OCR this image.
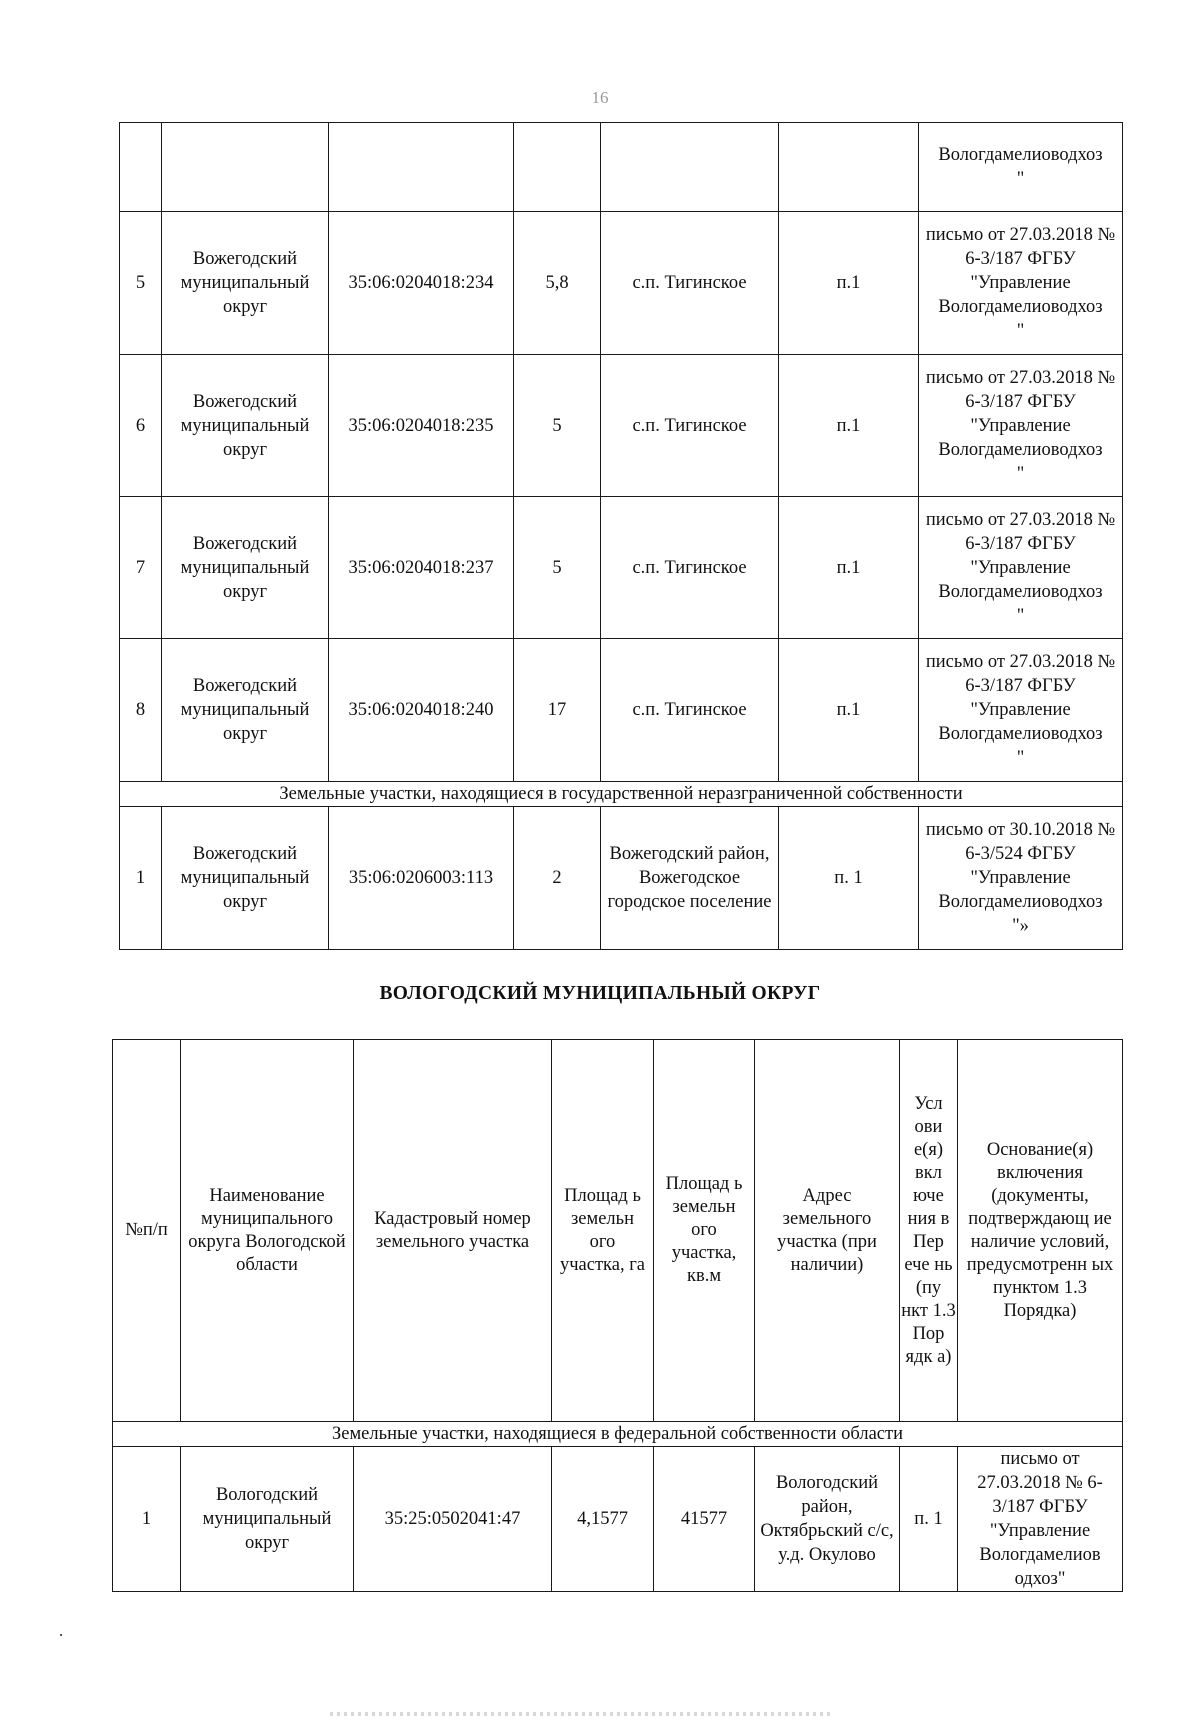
16
						Вологдамелиоводхоз
"
5	Вожегодский муниципальный округ	35:06:0204018:234	5,8	с.п. Тигинское	п.1	письмо от 27.03.2018 № 6-3/187 ФГБУ "Управление Вологдамелиоводхоз
"
6	Вожегодский муниципальный округ	35:06:0204018:235	5	с.п. Тигинское	п.1	письмо от 27.03.2018 № 6-3/187 ФГБУ "Управление Вологдамелиоводхоз
"
7	Вожегодский муниципальный округ	35:06:0204018:237	5	с.п. Тигинское	п.1	письмо от 27.03.2018 № 6-3/187 ФГБУ "Управление Вологдамелиоводхоз
"
8	Вожегодский муниципальный округ	35:06:0204018:240	17	с.п. Тигинское	п.1	письмо от 27.03.2018 № 6-3/187 ФГБУ "Управление Вологдамелиоводхоз
"
Земельные участки, находящиеся в государственной неразграниченной собственности						
1	Вожегодский муниципальный округ	35:06:0206003:113	2	Вожегодский район, Вожегодское городское поселение	п. 1	письмо от 30.10.2018 № 6-3/524 ФГБУ "Управление Вологдамелиоводхоз
"»
ВОЛОГОДСКИЙ МУНИЦИПАЛЬНЫЙ ОКРУГ
№п/п	Наименование муниципального округа Вологодской области	Кадастровый номер земельного участка	Площад ь земельн ого участка, га	Площад ь земельн ого участка, кв.м	Адрес земельного участка (при наличии)	Усл ови е(я) вкл юче ния в Пер ече нь (пу нкт 1.3 Пор ядк а)	Основание(я) включения (документы, подтверждающ ие наличие условий, предусмотренн ых пунктом 1.3 Порядка)
Земельные участки, находящиеся в федеральной собственности области							
1	Вологодский муниципальный округ	35:25:0502041:47	4,1577	41577	Вологодский район, Октябрьский с/с, у.д. Окулово	п. 1	письмо от 27.03.2018 № 6-3/187 ФГБУ "Управление Вологдамелиов одхоз"
